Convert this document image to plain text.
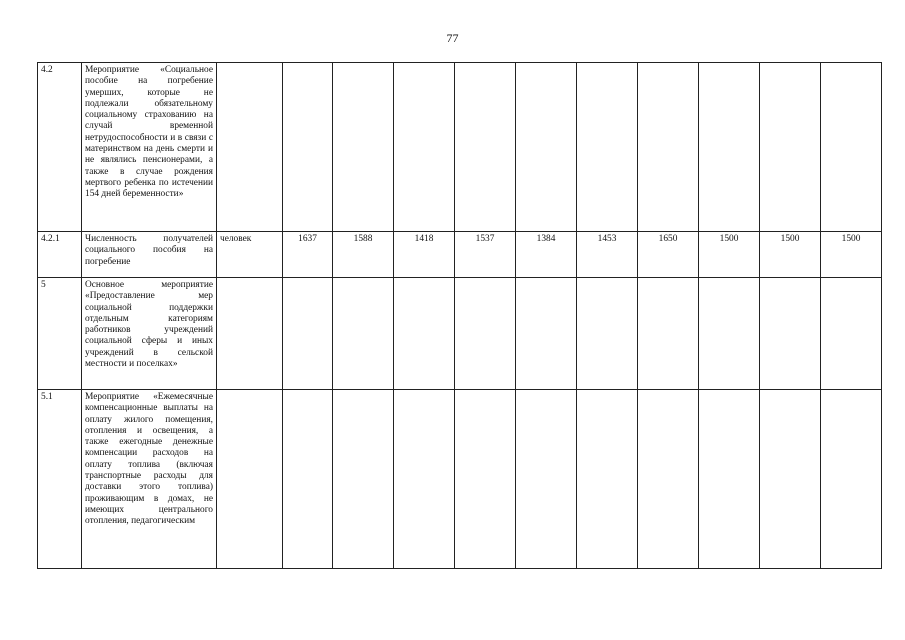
77
4.2	Мероприятие «Социальное пособие на погребение умерших, которые не подлежали обязательному социальному страхованию на случай временной нетрудоспособности и в связи с материнством на день смерти и не являлись пенсионерами, а также в случае рождения мертвого ребенка по истечении 154 дней беременности»											
4.2.1	Численность получателей социального пособия на погребение	человек	1637	1588	1418	1537	1384	1453	1650	1500	1500	1500
5	Основное мероприятие «Предоставление мер социальной поддержки отдельным категориям работников учреждений социальной сферы и иных учреждений в сельской местности и поселках»											
5.1	Мероприятие «Ежемесячные компенсационные выплаты на оплату жилого помещения, отопления и освещения, а также ежегодные денежные компенсации расходов на оплату топлива (включая транспортные расходы для доставки этого топлива) проживающим в домах, не имеющих центрального отопления, педагогическим											
